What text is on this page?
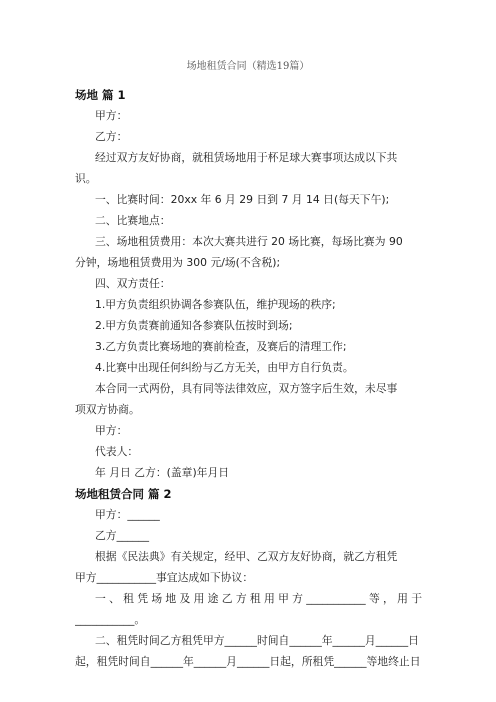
场地租赁合同（精选19篇）
场地 篇 1
甲方：
乙方：
经过双方友好协商，就租赁场地用于杯足球大赛事项达成以下共
识。
一、比赛时间：20xx 年 6 月 29 日到 7 月 14 日(每天下午);
二、比赛地点：
三、场地租赁费用：本次大赛共进行 20 场比赛，每场比赛为 90
分钟，场地租赁费用为 300 元/场(不含税);
四、双方责任：
1.甲方负责组织协调各参赛队伍，维护现场的秩序;
2.甲方负责赛前通知各参赛队伍按时到场;
3.乙方负责比赛场地的赛前检查，及赛后的清理工作;
4.比赛中出现任何纠纷与乙方无关，由甲方自行负责。
本合同一式两份，具有同等法律效应，双方签字后生效，未尽事
项双方协商。
甲方：
代表人：
年 月日 乙方：(盖章)年月日
场地租赁合同 篇 2
甲方：______
乙方______
根据《民法典》有关规定，经甲、乙双方友好协商，就乙方租凭
甲方___________事宜达成如下协议：
一、租凭场地及用途乙方租用甲方___________等，用于
___________。
二、租凭时间乙方租凭甲方______时间自______年______月______日
起，租凭时间自______年______月______日起，所租凭______等地终止日
